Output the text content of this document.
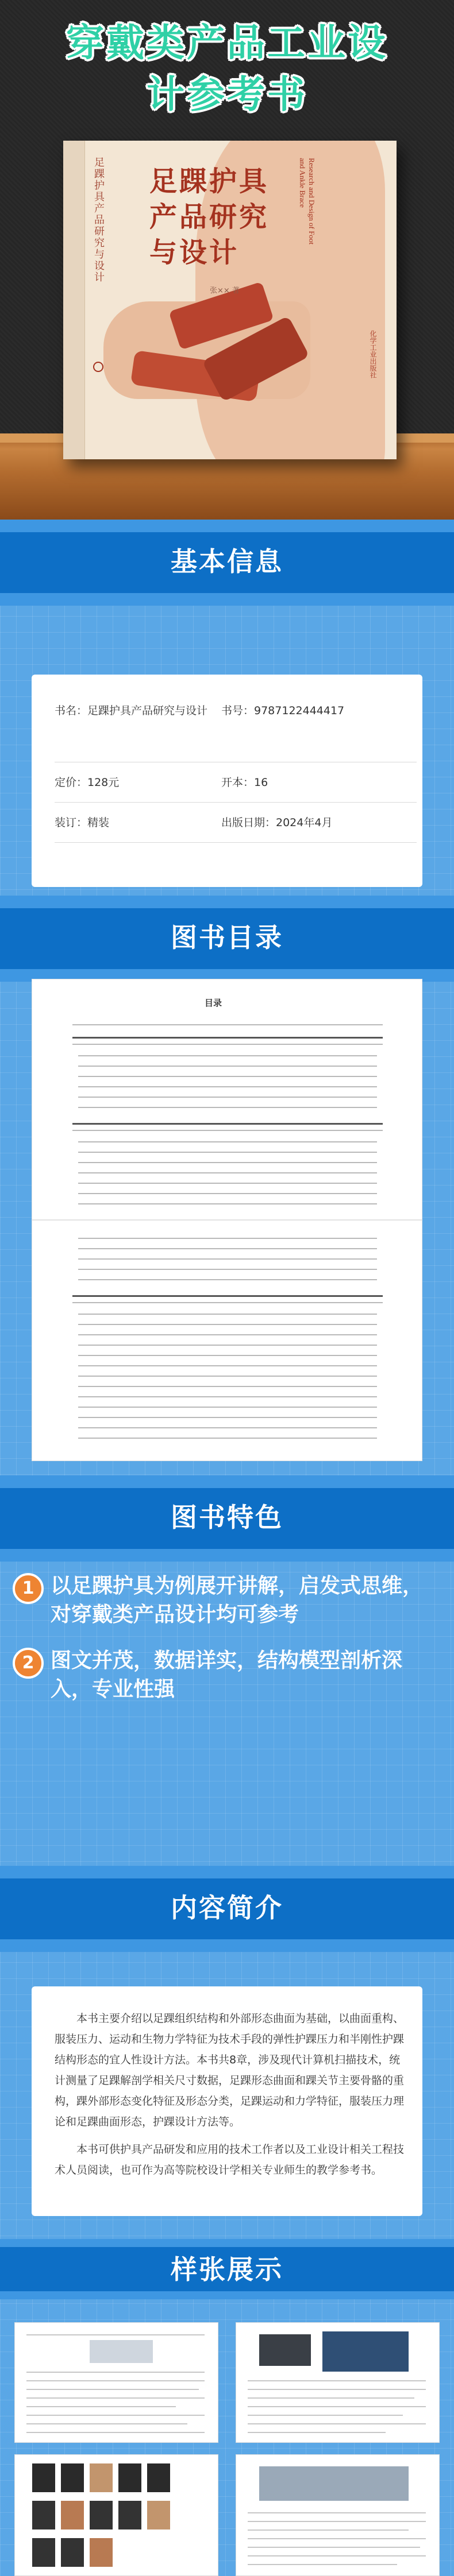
穿戴类产品工业设
计参考书
足踝护具产品研究与设计 足踝护具
产品研究
与设计
Research and Design of Foot and Ankle Brace
张×× 著
化学工业出版社
基本信息
书名：足踝护具产品研究与设计	书号：9787122444417
定价：128元	开本：16
装订：精装	出版日期：2024年4月
图书目录
目录
图书特色
1 以足踝护具为例展开讲解，启发式思维，对穿戴类产品设计均可参考
2 图文并茂，数据详实，结构模型剖析深入，专业性强
内容简介
本书主要介绍以足踝组织结构和外部形态曲面为基础，以曲面重构、服装压力、运动和生物力学特征为技术手段的弹性护踝压力和半刚性护踝结构形态的宜人性设计方法。本书共8章，涉及现代计算机扫描技术，统计测量了足踝解剖学相关尺寸数据，足踝形态曲面和踝关节主要骨骼的重构，踝外部形态变化特征及形态分类，足踝运动和力学特征，服装压力理论和足踝曲面形态，护踝设计方法等。
本书可供护具产品研发和应用的技术工作者以及工业设计相关工程技术人员阅读，也可作为高等院校设计学相关专业师生的教学参考书。
样张展示
